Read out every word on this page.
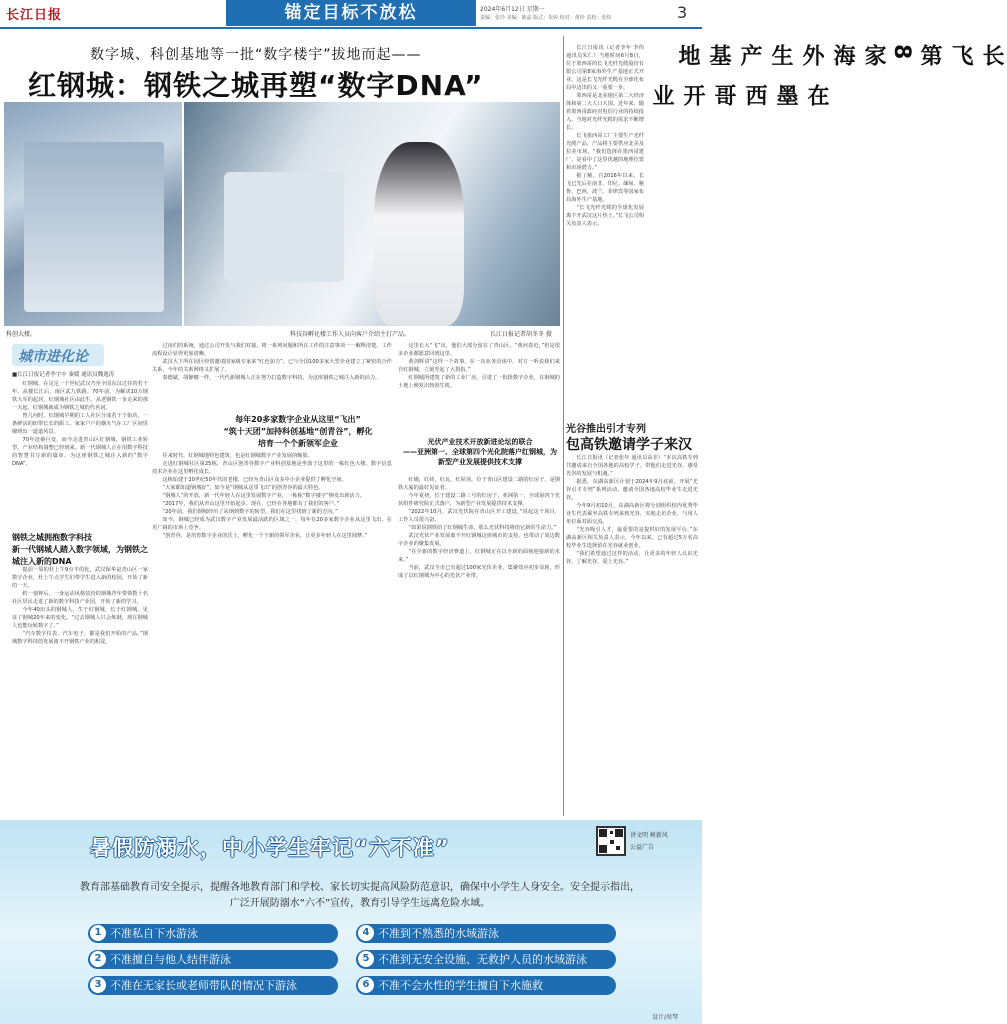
长江日报	锚定目标不放松	2024年6月12日 星期一
责编：张玲 美编：陈晶 版式：朱婷 校对：黄珍 责校：张炜	3
数字城、科创基地等一批“数字楼宇”拔地而起——
红钢城：钢铁之城再塑“数字DNA”
科创大楼。	科技谷孵化楼工作人员向客户介绍主打产品。	长江日报记者胡冬冬 摄
城市进化论
■长江日报记者李宇中 秦媛 通讯员魏逸涛

红钢城，在足足一个世纪武汉乃至全国东汉过往的若干年。从楼长江后，南区武九铁路。70年前，为解决10万钢铁大军的起居，红钢城社区由此生。从老钢铁一步走来的那一天起，红钢城就成为钢铁之城的代名词。

曾几何时，红钢城早期的工人社区分成若干个街坊，一条鲜活的纽带长长的职工。家家户户的烟火气在工厂区间里缭绕出一道道风景。

70年沧桑巨变，而今走进青山区红钢城，钢铁工业转型、产业结构调整已经到来。新一代钢城人正在用数字科技的智慧书写新的篇章，为这座钢铁之城注入新的“数字DNA”。

钢铁之城拥抱数字科技
新一代钢城人踏入数字领域，为钢铁之城注入新的DNA

提前一周的杜上午9点半的化，武汉保华是青山区一家数字企业，杜上午点学生们带学生进入新的校园，开始了新的一天。

约一刻钟后，一身运动风格装扮的钢城青年带领数十名社区居民走进了新的数字科技产业园，开始了新的学习。

今年40出头的钢城人，生于红钢城，长于红钢城。见证了钢城20年来的变化。“过去钢城人只会炼钢，现在钢城人也能玩转数字了。”

“汽车数字仪表、汽车电子，都是我们开始的产品。”钢城数字科技的发展离不开钢铁产业的积淀。

过夜们的系统，通过公司开发与我们对接，将一系列问题和所在工作的注意事项一一解释清楚。工作流程设计显得更加清晰。

武汉大下所在园区经常邀请国家级专家来“红色加力”，已与全国100多家大型企业建立了紧密的合作关系，今年的关系网络又扩展了。

秦德斌，胡静娜一样，一代代新钢城人正在努力打造数字科技，为这座钢铁之城注入新的活力。

每年20多家数字企业从这里“飞出”
“筑十天团”加持科创基地“创青谷”，孵化培育一个个新领军企业

往来时代，红钢城地特色建筑，也是红钢城数字产业发展的缩影。

走进红钢城社区第25栋，青山区创青谷数字产业科创基地是坐落于这里的一栋红色大楼。数字信息技术企业在这里孵化成长。

这栋始建于20世纪50年代的老楼，已经为青山区众多中小企业提供了孵化空间。

“大家都知道钢城好”，如今是“钢城从这里飞出”的创青谷的最大特色。

“钢城人”的开放，新一代年轻人在这里发展数字产业，一栋栋“数字楼宇”焕发出新活力。

“2017年，我们从青山这里开始起步。现在，已经在各地都有了我们的客户。”

“20年前，我们钢城经历了从钢到数字的转型。我们在这里找到了新的方向。”

如今，钢城已经成为武汉数字产业发展最活跃的区域之一，每年有20多家数字企业从这里飞出，在更广阔的市场上竞争。

“创青谷，是培育数字企业的沃土，孵化一个个新的领军企业，让更多年轻人在这里圆梦。”

这里长大“飞”出，他们大部分留在了青山区。“黄河春近，”但是很多企业都愿意回到这里。

黄剑辉讲“这样一个故事，在一次业务洽谈中，对方一听说我们来自红钢城，立刻竖起了大拇指。”

红钢城所建筑了新的工业厂房，引进了一批批数字企业，在钢城的土地上焕发出勃勃生机。

光伏产业技术开放新进论坛的联合
——亚洲第一、全球第四个光化院落户红钢城，为新型产业发展提供技术支撑

红墙，红砖，红瓦，红屋顶，位于青山区建设二路的红房子，是钢铁大厦的最好见证者。

今年夏初，位于建设二路三号的红房子，亚洲第一、全球第四个光伏组件研究院正式落户，为新型产业发展提供技术支撑。

“2022年10月，武汉光伏院在青山区开工建设，”说起这个项目，工作人员很兴奋。

“如果说钢铁给了红钢城生命，那么光伏科技将给它新的生命力。”

武汉光伏产业发展离不开红钢城这座城市的支持，也带动了周边数字企业的聚集发展。

“在全新的数字经济赛道上，红钢城正在以全新的面貌迎接新的未来。”

当前，武汉全市已有超过100家光伏企业，集聚效应初步显现，形成了以红钢城为中心的光伏产业带。

长飞第8家海外生产基地
在墨西哥开业

长江日报讯（记者李年 李伟 通讯员朱仁）当地时间6月8日，位于墨西哥的长飞光纤光缆股份有限公司第8家海外生产基地正式开业。这是长飞光纤光缆在全球化布局中迈出的又一重要一步。

墨西哥是北美地区第二大经济体和第二大人口大国。近年来，随着墨西哥政府对电信行业的持续投入，当地对光纤光缆的需求不断增长。

长飞墨西哥工厂主要生产光纤光缆产品，产品将主要供应北美及拉美市场。“我们选择在墨西哥建厂，是看中了这里优越的地理位置和市场潜力。”

据了解，自2016年以来，长飞已先后在南非、印尼、缅甸、秘鲁、巴西、波兰、菲律宾等国家布局海外生产基地。

“长飞光纤光缆的全球化发展离不开武汉这片热土。”长飞公司相关负责人表示。

光谷推出引才专列
包高铁邀请学子来汉

长江日报讯（记者张年 通讯员高非）“本次高铁专列共邀请来自全国各地的高校学子，带他们走进光谷，感受光谷的发展与机遇。”

据悉，东湖高新区计划于2024年9月底前，开展“光谷引才专列”系列活动，邀请全国各地高校毕业生走进光谷。

今年9月初10月，东湖高新区将分别组织校内优秀毕业生代表乘坐高铁专列来到光谷，实地走访企业，与用人单位面对面交流。

“光谷吸引人才，最重要的是提供好的发展平台。”东湖高新区相关负责人表示，今年以来，已有超过5万名高校毕业生选择留在光谷就业创业。

“我们希望通过这样的活动，让更多的年轻人认识光谷、了解光谷、爱上光谷。”

暑假防溺水，中小学生牢记“六不准”
讲文明 树新风
公益广告
教育部基础教育司安全提示，提醒各地教育部门和学校、家长切实提高风险防范意识，确保中小学生人身安全。安全提示指出，广泛开展防溺水“六不”宣传，教育引导学生远离危险水域。
1 不准私自下水游泳
2 不准擅自与他人结伴游泳
3 不准在无家长或老师带队的情况下游泳
4 不准到不熟悉的水域游泳
5 不准到无安全设施、无救护人员的水域游泳
6 不准不会水性的学生擅自下水施救
设计/周琴
